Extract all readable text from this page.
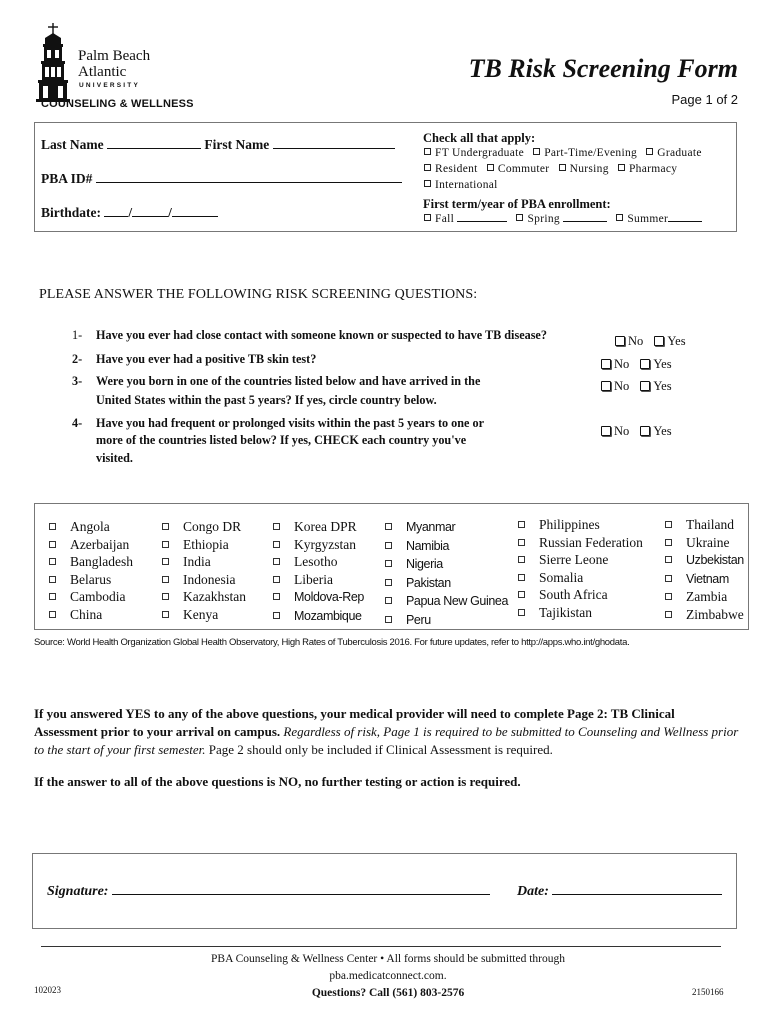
Palm Beach
Atlantic
UNIVERSITY
COUNSELING & WELLNESS
TB Risk Screening Form
Page 1 of 2
Last Name	First Name
PBA ID#
Birthdate: /	/
Check all that apply:
FT Undergraduate Part-Time/Evening Graduate
Resident Commuter Nursing Pharmacy
International
First term/year of PBA enrollment:
Fall	Spring	Summer
PLEASE ANSWER THE FOLLOWING RISK SCREENING QUESTIONS:
1- Have you ever had close contact with someone known or suspected to have TB disease?	No Yes
2- Have you ever had a positive TB skin test?	No Yes
3- Were you born in one of the countries listed below and have arrived in the
United States within the past 5 years? If yes, circle country below.
No Yes
4- Have you had frequent or prolonged visits within the past 5 years to one or
more of the countries listed below? If yes, CHECK each country you've
visited.
No Yes
Angola
Azerbaijan
Bangladesh
Belarus
Cambodia
China
Congo DR
Ethiopia
India
Indonesia
Kazakhstan
Kenya
Korea DPR
Kyrgyzstan
Lesotho
Liberia
Moldova-Rep
Mozambique
Myanmar
Namibia
Nigeria
Pakistan
Papua New Guinea
Peru
Philippines
Russian Federation
Sierre Leone
Somalia
South Africa
Tajikistan
Thailand
Ukraine
Uzbekistan
Vietnam
Zambia
Zimbabwe
Source: World Health Organization Global Health Observatory, High Rates of Tuberculosis 2016. For future updates, refer to http://apps.who.int/ghodata.
If you answered YES to any of the above questions, your medical provider will need to complete Page 2: TB Clinical Assessment prior to your arrival on campus. Regardless of risk, Page 1 is required to be submitted to Counseling and Wellness prior to the start of your first semester. Page 2 should only be included if Clinical Assessment is required.
If the answer to all of the above questions is NO, no further testing or action is required.
Signature:	Date:
PBA Counseling & Wellness Center • All forms should be submitted through
pba.medicatconnect.com.
Questions? Call (561) 803-2576
102023	2150166
